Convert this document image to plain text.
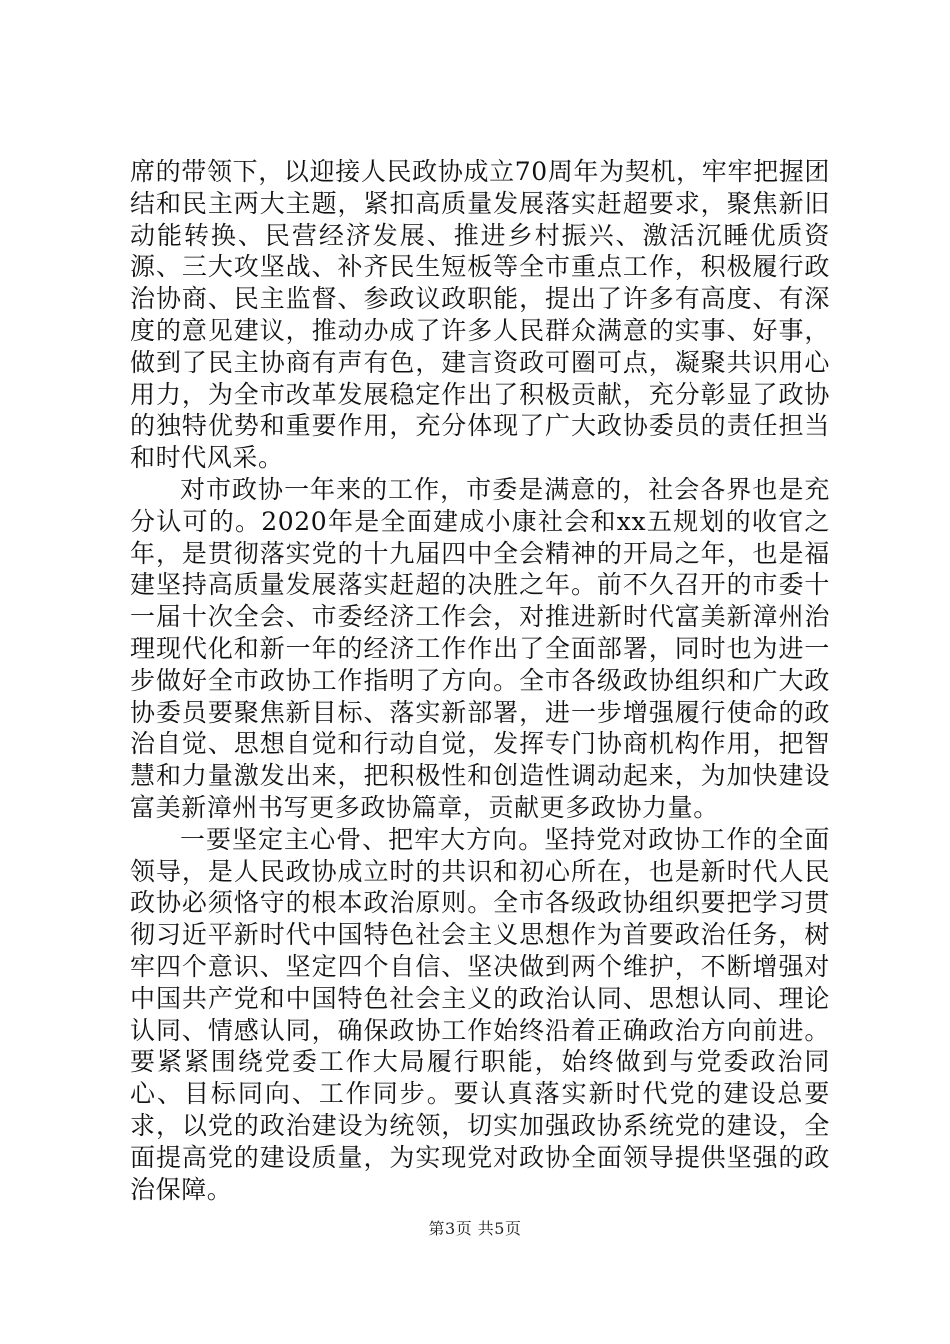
席的带领下，以迎接人民政协成立70周年为契机，牢牢把握团结和民主两大主题，紧扣高质量发展落实赶超要求，聚焦新旧动能转换、民营经济发展、推进乡村振兴、激活沉睡优质资源、三大攻坚战、补齐民生短板等全市重点工作，积极履行政治协商、民主监督、参政议政职能，提出了许多有高度、有深度的意见建议，推动办成了许多人民群众满意的实事、好事，做到了民主协商有声有色，建言资政可圈可点，凝聚共识用心用力，为全市改革发展稳定作出了积极贡献，充分彰显了政协的独特优势和重要作用，充分体现了广大政协委员的责任担当和时代风采。

对市政协一年来的工作，市委是满意的，社会各界也是充分认可的。2020年是全面建成小康社会和xx五规划的收官之年，是贯彻落实党的十九届四中全会精神的开局之年，也是福建坚持高质量发展落实赶超的决胜之年。前不久召开的市委十一届十次全会、市委经济工作会，对推进新时代富美新漳州治理现代化和新一年的经济工作作出了全面部署，同时也为进一步做好全市政协工作指明了方向。全市各级政协组织和广大政协委员要聚焦新目标、落实新部署，进一步增强履行使命的政治自觉、思想自觉和行动自觉，发挥专门协商机构作用，把智慧和力量激发出来，把积极性和创造性调动起来，为加快建设富美新漳州书写更多政协篇章，贡献更多政协力量。

一要坚定主心骨、把牢大方向。坚持党对政协工作的全面领导，是人民政协成立时的共识和初心所在，也是新时代人民政协必须恪守的根本政治原则。全市各级政协组织要把学习贯彻习近平新时代中国特色社会主义思想作为首要政治任务，树牢四个意识、坚定四个自信、坚决做到两个维护，不断增强对中国共产党和中国特色社会主义的政治认同、思想认同、理论认同、情感认同，确保政协工作始终沿着正确政治方向前进。要紧紧围绕党委工作大局履行职能，始终做到与党委政治同心、目标同向、工作同步。要认真落实新时代党的建设总要求，以党的政治建设为统领，切实加强政协系统党的建设，全面提高党的建设质量，为实现党对政协全面领导提供坚强的政治保障。

第3页 共5页
